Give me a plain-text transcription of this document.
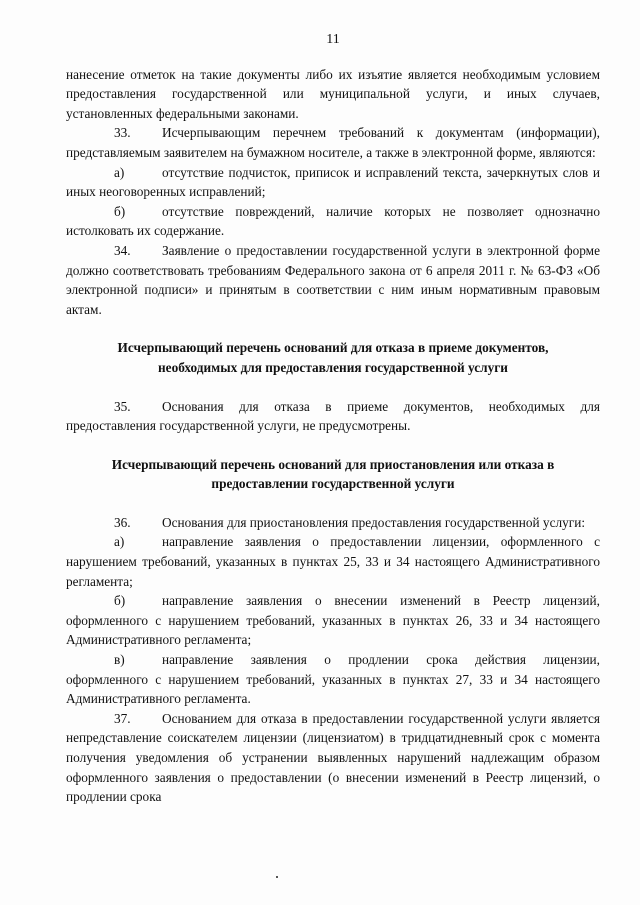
11

нанесение отметок на такие документы либо их изъятие является необходимым условием предоставления государственной или муниципальной услуги, и иных случаев, установленных федеральными законами.

33. Исчерпывающим перечнем требований к документам (информации), представляемым заявителем на бумажном носителе, а также в электронной форме, являются:

а)	отсутствие подчисток, приписок и исправлений текста, зачеркнутых слов и иных неоговоренных исправлений;

б)	отсутствие повреждений, наличие которых не позволяет однозначно истолковать их содержание.

34. Заявление о предоставлении государственной услуги в электронной форме должно соответствовать требованиям Федерального закона от 6 апреля 2011 г. № 63-ФЗ «Об электронной подписи» и принятым в соответствии с ним иным нормативным правовым актам.

Исчерпывающий перечень оснований для отказа в приеме документов, необходимых для предоставления государственной услуги

35. Основания для отказа в приеме документов, необходимых для предоставления государственной услуги, не предусмотрены.

Исчерпывающий перечень оснований для приостановления или отказа в предоставлении государственной услуги

36. Основания для приостановления предоставления государственной услуги:

а)	направление заявления о предоставлении лицензии, оформленного с нарушением требований, указанных в пунктах 25, 33 и 34 настоящего Административного регламента;

б)	направление заявления о внесении изменений в Реестр лицензий, оформленного с нарушением требований, указанных в пунктах 26, 33 и 34 настоящего Административного регламента;

в)	направление заявления о продлении срока действия лицензии, оформленного с нарушением требований, указанных в пунктах 27, 33 и 34 настоящего Административного регламента.

37. Основанием для отказа в предоставлении государственной услуги является непредставление соискателем лицензии (лицензиатом) в тридцатидневный срок с момента получения уведомления об устранении выявленных нарушений надлежащим образом оформленного заявления о предоставлении (о внесении изменений в Реестр лицензий, о продлении срока
